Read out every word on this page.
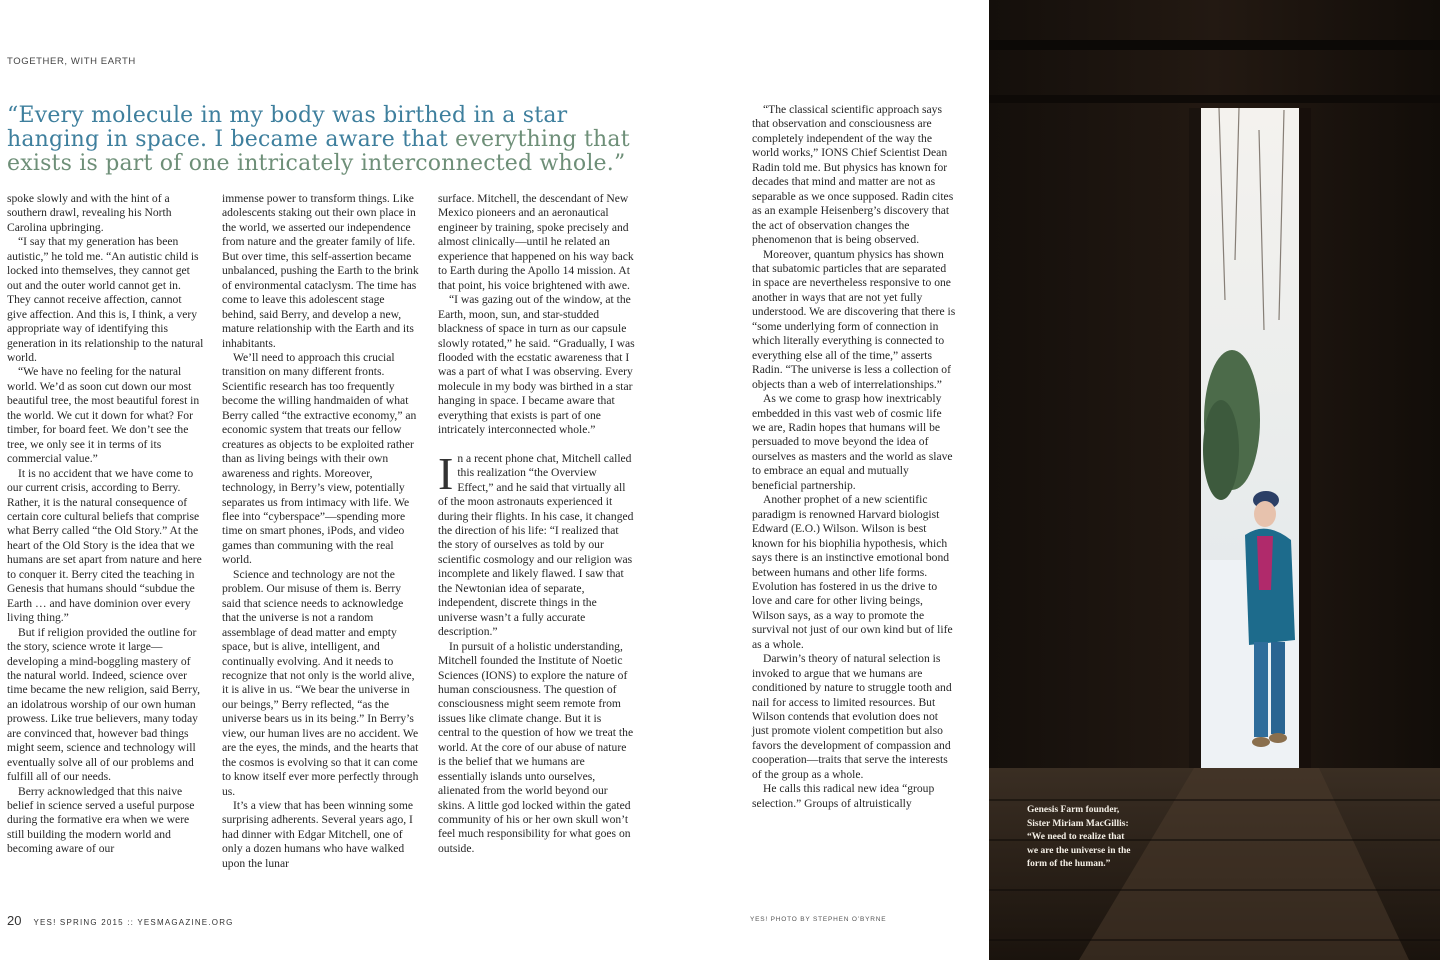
TOGETHER, WITH EARTH
“Every molecule in my body was birthed in a star hanging in space. I became aware that everything that exists is part of one intricately interconnected whole.”

spoke slowly and with the hint of a southern drawl, revealing his North Carolina upbringing.

“I say that my generation has been autistic,” he told me. “An autistic child is locked into themselves, they cannot get out and the outer world cannot get in. They cannot receive affection, cannot give affection. And this is, I think, a very appropriate way of identifying this generation in its relationship to the natural world.

“We have no feeling for the natural world. We’d as soon cut down our most beautiful tree, the most beautiful forest in the world. We cut it down for what? For timber, for board feet. We don’t see the tree, we only see it in terms of its commercial value.”

It is no accident that we have come to our current crisis, according to Berry. Rather, it is the natural consequence of certain core cultural beliefs that comprise what Berry called “the Old Story.” At the heart of the Old Story is the idea that we humans are set apart from nature and here to conquer it. Berry cited the teaching in Genesis that humans should “subdue the Earth … and have dominion over every living thing.”

But if religion provided the outline for the story, science wrote it large—developing a mind-boggling mastery of the natural world. Indeed, science over time became the new religion, said Berry, an idolatrous worship of our own human prowess. Like true believers, many today are convinced that, however bad things might seem, science and technology will eventually solve all of our problems and fulfill all of our needs.

Berry acknowledged that this naive belief in science served a useful purpose during the formative era when we were still building the modern world and becoming aware of our

immense power to transform things. Like adolescents staking out their own place in the world, we asserted our independence from nature and the greater family of life. But over time, this self-assertion became unbalanced, pushing the Earth to the brink of environmental cataclysm. The time has come to leave this adolescent stage behind, said Berry, and develop a new, mature relationship with the Earth and its inhabitants.

We’ll need to approach this crucial transition on many different fronts. Scientific research has too frequently become the willing handmaiden of what Berry called “the extractive economy,” an economic system that treats our fellow creatures as objects to be exploited rather than as living beings with their own awareness and rights. Moreover, technology, in Berry’s view, potentially separates us from intimacy with life. We flee into “cyberspace”—spending more time on smart phones, iPods, and video games than communing with the real world.

Science and technology are not the problem. Our misuse of them is. Berry said that science needs to acknowledge that the universe is not a random assemblage of dead matter and empty space, but is alive, intelligent, and continually evolving. And it needs to recognize that not only is the world alive, it is alive in us. “We bear the universe in our beings,” Berry reflected, “as the universe bears us in its being.” In Berry’s view, our human lives are no accident. We are the eyes, the minds, and the hearts that the cosmos is evolving so that it can come to know itself ever more perfectly through us.

It’s a view that has been winning some surprising adherents. Several years ago, I had dinner with Edgar Mitchell, one of only a dozen humans who have walked upon the lunar

surface. Mitchell, the descendant of New Mexico pioneers and an aeronautical engineer by training, spoke precisely and almost clinically—until he related an experience that happened on his way back to Earth during the Apollo 14 mission. At that point, his voice brightened with awe.

“I was gazing out of the window, at the Earth, moon, sun, and star-studded blackness of space in turn as our capsule slowly rotated,” he said. “Gradually, I was flooded with the ecstatic awareness that I was a part of what I was observing. Every molecule in my body was birthed in a star hanging in space. I became aware that everything that exists is part of one intricately interconnected whole.”

In a recent phone chat, Mitchell called this realization “the Overview Effect,” and he said that virtually all of the moon astronauts experienced it during their flights. In his case, it changed the direction of his life: “I realized that the story of ourselves as told by our scientific cosmology and our religion was incomplete and likely flawed. I saw that the Newtonian idea of separate, independent, discrete things in the universe wasn’t a fully accurate description.”

In pursuit of a holistic understanding, Mitchell founded the Institute of Noetic Sciences (IONS) to explore the nature of human consciousness. The question of consciousness might seem remote from issues like climate change. But it is central to the question of how we treat the world. At the core of our abuse of nature is the belief that we humans are essentially islands unto ourselves, alienated from the world beyond our skins. A little god locked within the gated community of his or her own skull won’t feel much responsibility for what goes on outside.

“The classical scientific approach says that observation and consciousness are completely independent of the way the world works,” IONS Chief Scientist Dean Radin told me. But physics has known for decades that mind and matter are not as separable as we once supposed. Radin cites as an example Heisenberg’s discovery that the act of observation changes the phenomenon that is being observed.

Moreover, quantum physics has shown that subatomic particles that are separated in space are nevertheless responsive to one another in ways that are not yet fully understood. We are discovering that there is “some underlying form of connection in which literally everything is connected to everything else all of the time,” asserts Radin. “The universe is less a collection of objects than a web of interrelationships.”

As we come to grasp how inextricably embedded in this vast web of cosmic life we are, Radin hopes that humans will be persuaded to move beyond the idea of ourselves as masters and the world as slave to embrace an equal and mutually beneficial partnership.

Another prophet of a new scientific paradigm is renowned Harvard biologist Edward (E.O.) Wilson. Wilson is best known for his biophilia hypothesis, which says there is an instinctive emotional bond between humans and other life forms. Evolution has fostered in us the drive to love and care for other living beings, Wilson says, as a way to promote the survival not just of our own kind but of life as a whole.

Darwin’s theory of natural selection is invoked to argue that we humans are conditioned by nature to struggle tooth and nail for access to limited resources. But Wilson contends that evolution does not just promote violent competition but also favors the development of compassion and cooperation—traits that serve the interests of the group as a whole.

He calls this radical new idea “group selection.” Groups of altruistically

20 YES! SPRING 2015 :: YESMAGAZINE.ORG	YES! PHOTO BY STEPHEN O’BYRNE
Genesis Farm founder, Sister Miriam MacGillis: “We need to realize that we are the universe in the form of the human.”
